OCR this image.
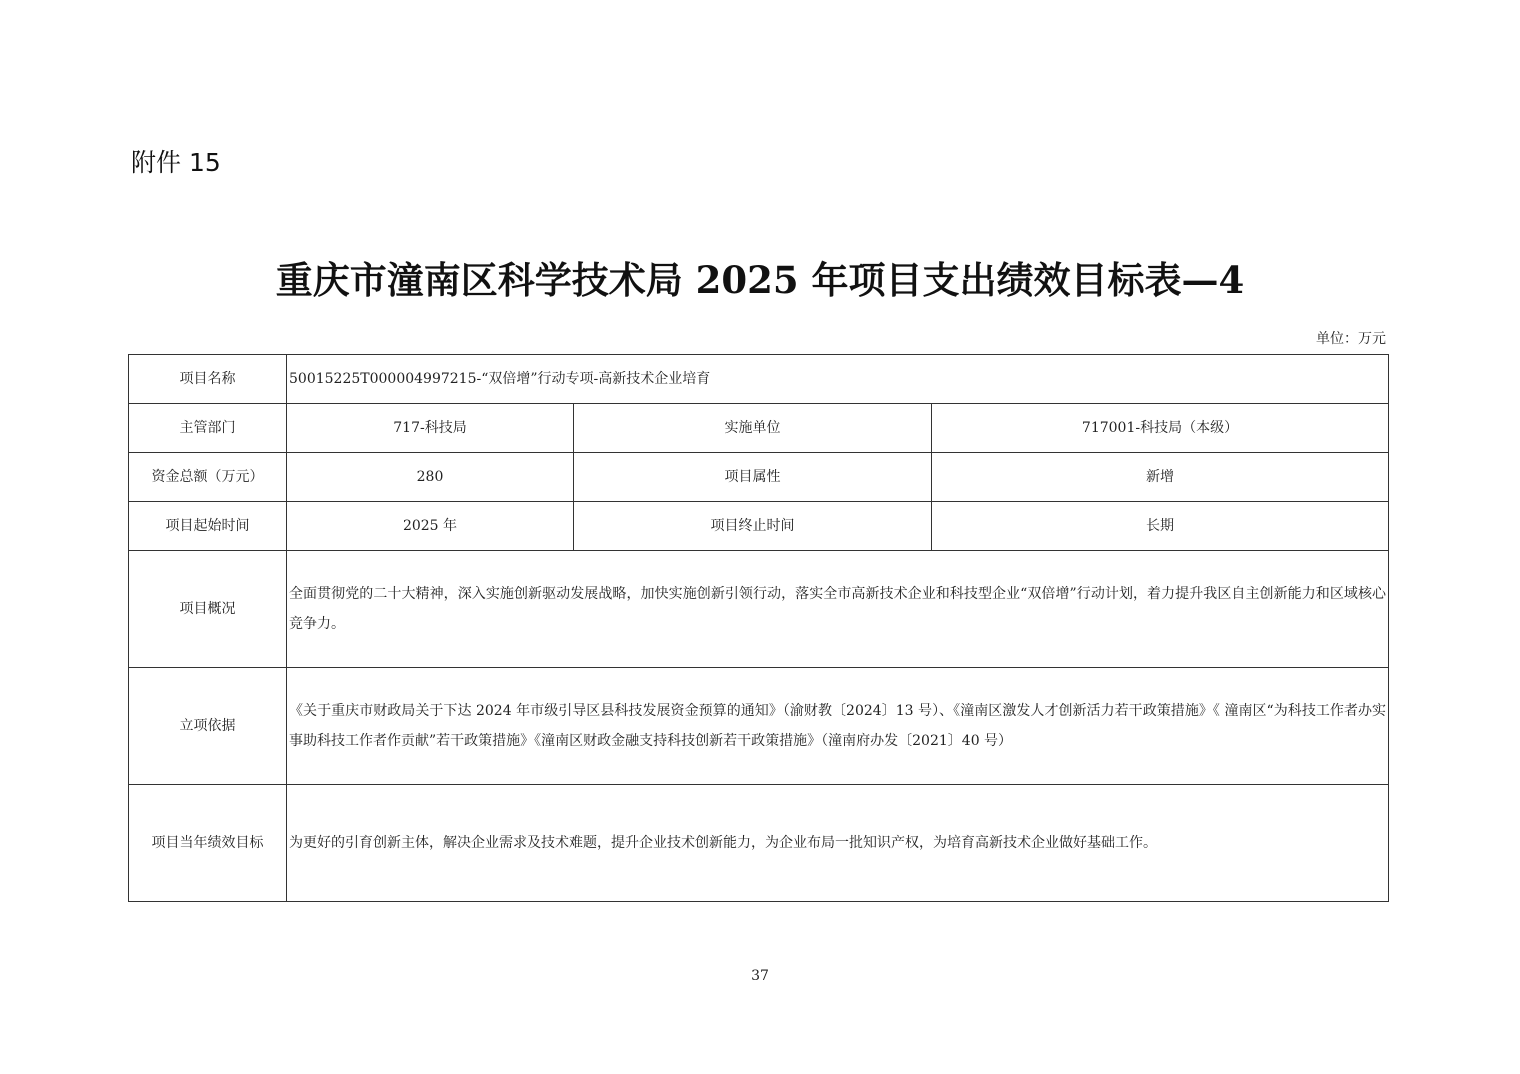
附件 15
重庆市潼南区科学技术局 2025 年项目支出绩效目标表—4
单位：万元
项目名称	50015225T000004997215-“双倍增”行动专项-高新技术企业培育		
主管部门	717-科技局	实施单位	717001-科技局（本级）
资金总额（万元）	280	项目属性	新增
项目起始时间	2025 年	项目终止时间	长期
项目概况	全面贯彻党的二十大精神，深入实施创新驱动发展战略，加快实施创新引领行动，落实全市高新技术企业和科技型企业“双倍增”行动计划，着力提升我区自主创新能力和区域核心竞争力。		
立项依据	《关于重庆市财政局关于下达 2024 年市级引导区县科技发展资金预算的通知》（渝财教〔2024〕13 号）、《潼南区激发人才创新活力若干政策措施》《 潼南区“为科技工作者办实事助科技工作者作贡献”若干政策措施》《潼南区财政金融支持科技创新若干政策措施》（潼南府办发〔2021〕40 号）		
项目当年绩效目标	为更好的引育创新主体，解决企业需求及技术难题，提升企业技术创新能力，为企业布局一批知识产权，为培育高新技术企业做好基础工作。		
37
